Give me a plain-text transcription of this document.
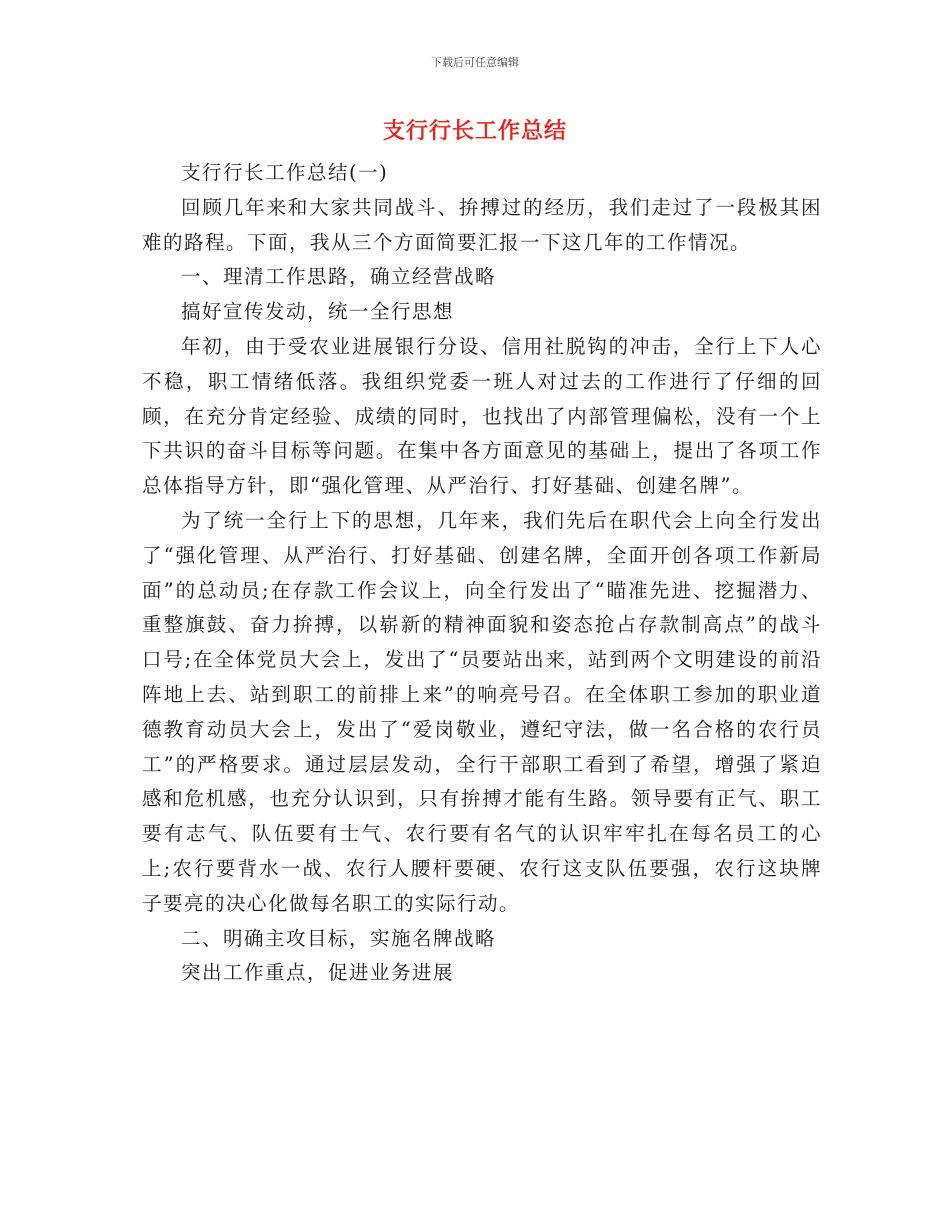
下载后可任意编辑
支行行长工作总结

支行行长工作总结(一)

回顾几年来和大家共同战斗、拚搏过的经历，我们走过了一段极其困难的路程。下面，我从三个方面简要汇报一下这几年的工作情况。

一、理清工作思路，确立经营战略

搞好宣传发动，统一全行思想

年初，由于受农业进展银行分设、信用社脱钩的冲击，全行上下人心不稳，职工情绪低落。我组织党委一班人对过去的工作进行了仔细的回顾，在充分肯定经验、成绩的同时，也找出了内部管理偏松，没有一个上下共识的奋斗目标等问题。在集中各方面意见的基础上，提出了各项工作总体指导方针，即“强化管理、从严治行、打好基础、创建名牌”。

为了统一全行上下的思想，几年来，我们先后在职代会上向全行发出了“强化管理、从严治行、打好基础、创建名牌，全面开创各项工作新局面”的总动员;在存款工作会议上，向全行发出了“瞄准先进、挖掘潜力、重整旗鼓、奋力拚搏，以崭新的精神面貌和姿态抢占存款制高点”的战斗口号;在全体党员大会上，发出了“员要站出来，站到两个文明建设的前沿阵地上去、站到职工的前排上来”的响亮号召。在全体职工参加的职业道德教育动员大会上，发出了“爱岗敬业，遵纪守法，做一名合格的农行员工”的严格要求。通过层层发动，全行干部职工看到了希望，增强了紧迫感和危机感，也充分认识到，只有拚搏才能有生路。领导要有正气、职工要有志气、队伍要有士气、农行要有名气的认识牢牢扎在每名员工的心上;农行要背水一战、农行人腰杆要硬、农行这支队伍要强，农行这块牌子要亮的决心化做每名职工的实际行动。

二、明确主攻目标，实施名牌战略

突出工作重点，促进业务进展
